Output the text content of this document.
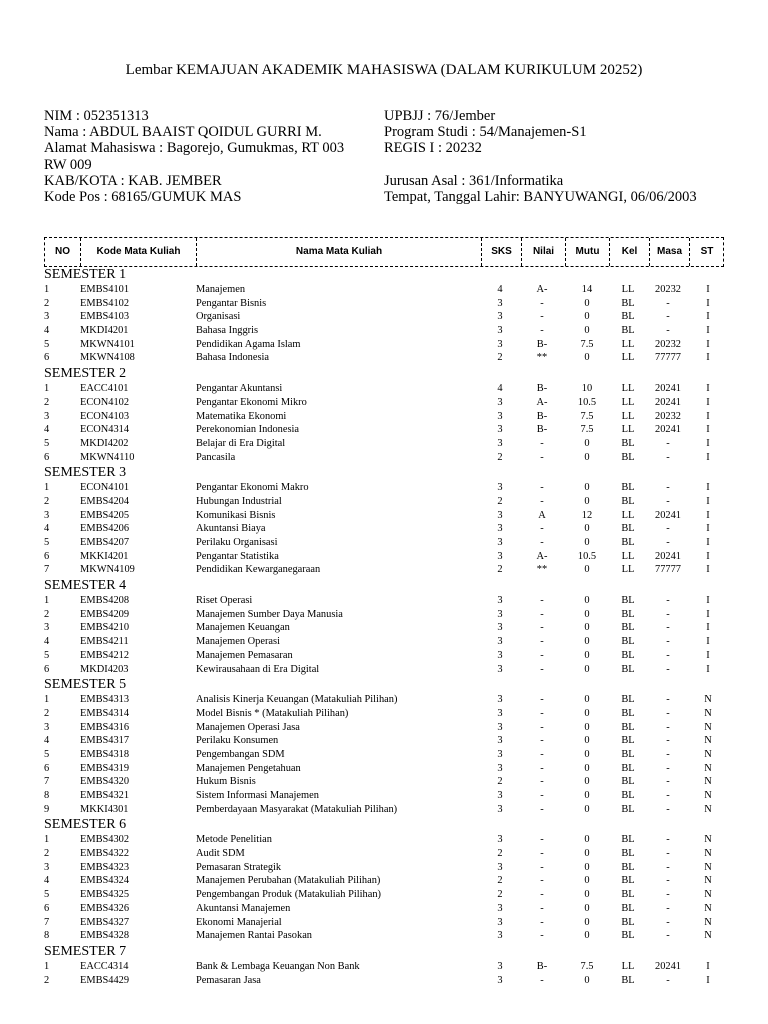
Lembar KEMAJUAN AKADEMIK MAHASISWA (DALAM KURIKULUM 20252)
NIM : 052351313
Nama : ABDUL BAAIST QOIDUL GURRI M.
Alamat Mahasiswa : Bagorejo, Gumukmas, RT 003
RW 009
KAB/KOTA : KAB. JEMBER
Kode Pos : 68165/GUMUK MAS
UPBJJ : 76/Jember
Program Studi : 54/Manajemen-S1
REGIS I : 20232
Jurusan Asal : 361/Informatika
Tempat, Tanggal Lahir: BANYUWANGI, 06/06/2003
NO	Kode Mata Kuliah	Nama Mata Kuliah	SKS	Nilai	Mutu	Kel	Masa	ST
SEMESTER 1
1	EMBS4101	Manajemen	4	A-	14	LL	20232	I
2	EMBS4102	Pengantar Bisnis	3	-	0	BL	-	I
3	EMBS4103	Organisasi	3	-	0	BL	-	I
4	MKDI4201	Bahasa Inggris	3	-	0	BL	-	I
5	MKWN4101	Pendidikan Agama Islam	3	B-	7.5	LL	20232	I
6	MKWN4108	Bahasa Indonesia	2	**	0	LL	77777	I
SEMESTER 2
1	EACC4101	Pengantar Akuntansi	4	B-	10	LL	20241	I
2	ECON4102	Pengantar Ekonomi Mikro	3	A-	10.5	LL	20241	I
3	ECON4103	Matematika Ekonomi	3	B-	7.5	LL	20232	I
4	ECON4314	Perekonomian Indonesia	3	B-	7.5	LL	20241	I
5	MKDI4202	Belajar di Era Digital	3	-	0	BL	-	I
6	MKWN4110	Pancasila	2	-	0	BL	-	I
SEMESTER 3
1	ECON4101	Pengantar Ekonomi Makro	3	-	0	BL	-	I
2	EMBS4204	Hubungan Industrial	2	-	0	BL	-	I
3	EMBS4205	Komunikasi Bisnis	3	A	12	LL	20241	I
4	EMBS4206	Akuntansi Biaya	3	-	0	BL	-	I
5	EMBS4207	Perilaku Organisasi	3	-	0	BL	-	I
6	MKKI4201	Pengantar Statistika	3	A-	10.5	LL	20241	I
7	MKWN4109	Pendidikan Kewarganegaraan	2	**	0	LL	77777	I
SEMESTER 4
1	EMBS4208	Riset Operasi	3	-	0	BL	-	I
2	EMBS4209	Manajemen Sumber Daya Manusia	3	-	0	BL	-	I
3	EMBS4210	Manajemen Keuangan	3	-	0	BL	-	I
4	EMBS4211	Manajemen Operasi	3	-	0	BL	-	I
5	EMBS4212	Manajemen Pemasaran	3	-	0	BL	-	I
6	MKDI4203	Kewirausahaan di Era Digital	3	-	0	BL	-	I
SEMESTER 5
1	EMBS4313	Analisis Kinerja Keuangan (Matakuliah Pilihan)	3	-	0	BL	-	N
2	EMBS4314	Model Bisnis * (Matakuliah Pilihan)	3	-	0	BL	-	N
3	EMBS4316	Manajemen Operasi Jasa	3	-	0	BL	-	N
4	EMBS4317	Perilaku Konsumen	3	-	0	BL	-	N
5	EMBS4318	Pengembangan SDM	3	-	0	BL	-	N
6	EMBS4319	Manajemen Pengetahuan	3	-	0	BL	-	N
7	EMBS4320	Hukum Bisnis	2	-	0	BL	-	N
8	EMBS4321	Sistem Informasi Manajemen	3	-	0	BL	-	N
9	MKKI4301	Pemberdayaan Masyarakat (Matakuliah Pilihan)	3	-	0	BL	-	N
SEMESTER 6
1	EMBS4302	Metode Penelitian	3	-	0	BL	-	N
2	EMBS4322	Audit SDM	2	-	0	BL	-	N
3	EMBS4323	Pemasaran Strategik	3	-	0	BL	-	N
4	EMBS4324	Manajemen Perubahan (Matakuliah Pilihan)	2	-	0	BL	-	N
5	EMBS4325	Pengembangan Produk (Matakuliah Pilihan)	2	-	0	BL	-	N
6	EMBS4326	Akuntansi Manajemen	3	-	0	BL	-	N
7	EMBS4327	Ekonomi Manajerial	3	-	0	BL	-	N
8	EMBS4328	Manajemen Rantai Pasokan	3	-	0	BL	-	N
SEMESTER 7
1	EACC4314	Bank & Lembaga Keuangan Non Bank	3	B-	7.5	LL	20241	I
2	EMBS4429	Pemasaran Jasa	3	-	0	BL	-	I
